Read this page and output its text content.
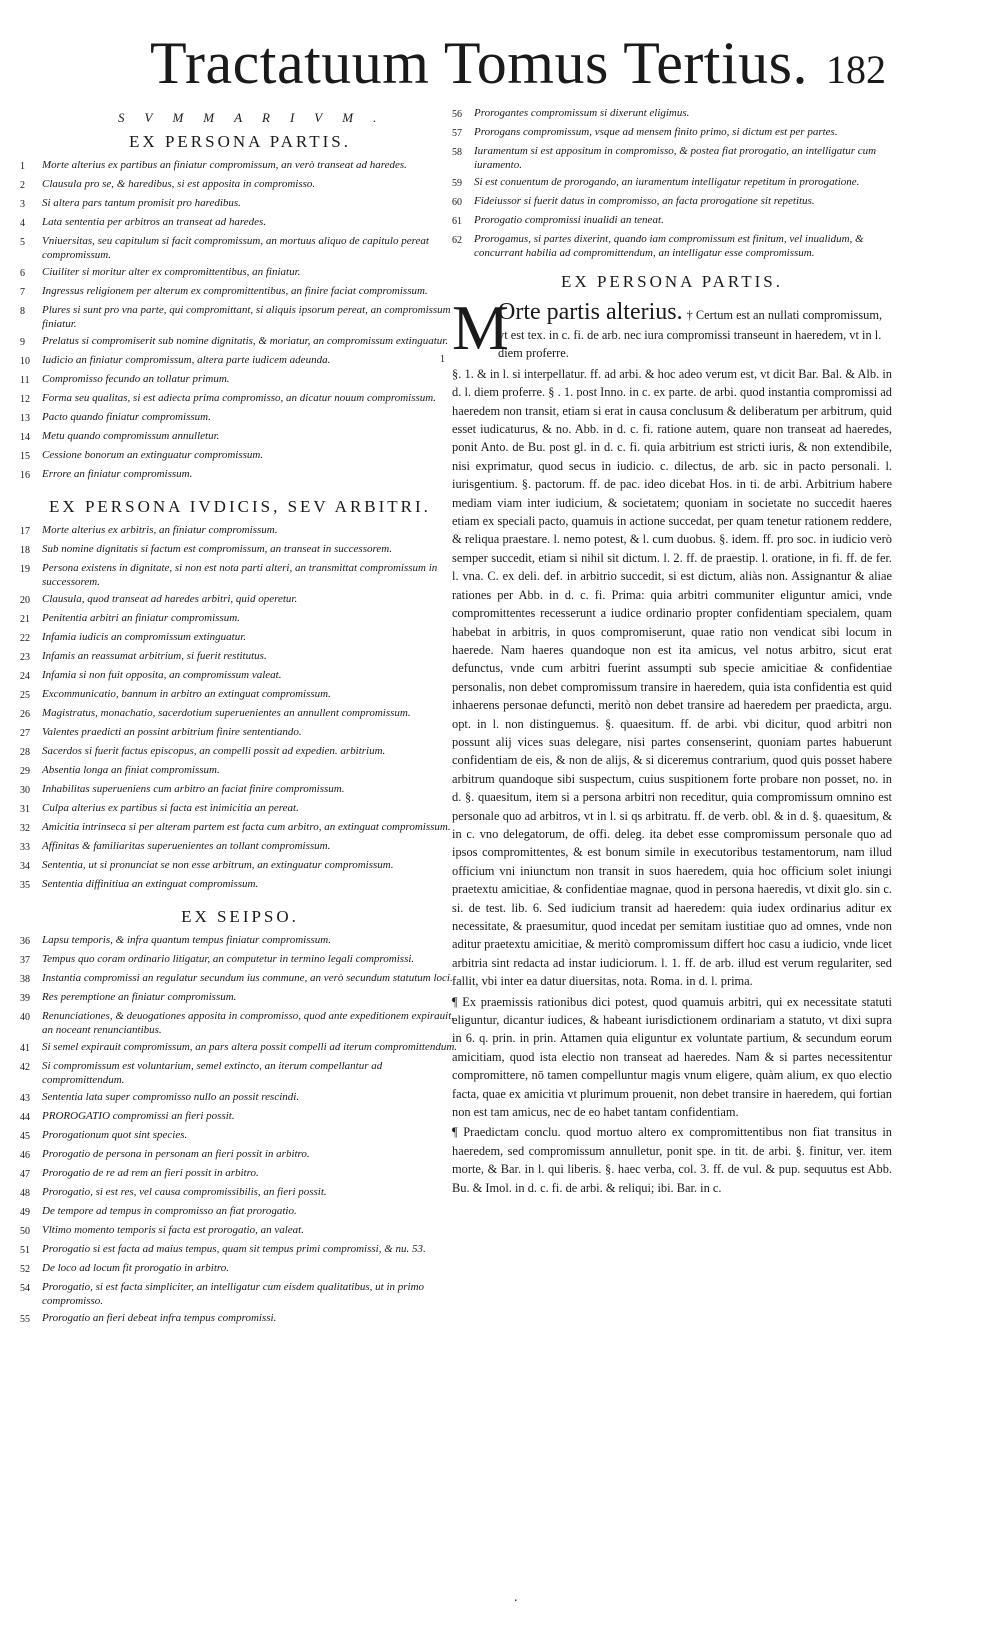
Tractatuum Tomus Tertius. 182
SVMMARIVM.
EX PERSONA PARTIS.
1	Morte alterius ex partibus an finiatur compromissum, an verò transeat ad haredes.
2	Clausula pro se, & haredibus, si est apposita in compromisso.
3	Si altera pars tantum promisit pro haredibus.
4	Lata sententia per arbitros an transeat ad haredes.
5	Vniuersitas, seu capitulum si facit compromissum, an mortuus aliquo de capitulo pereat compromissum.
6	Ciuiliter si moritur alter ex compromittentibus, an finiatur.
7	Ingressus religionem per alterum ex compromittentibus, an finire faciat compromissum.
8	Plures si sunt pro vna parte, qui compromittant, si aliquis ipsorum pereat, an compromissum finiatur.
9	Prelatus si compromiserit sub nomine dignitatis, & moriatur, an compromissum extinguatur.
10	Iudicio an finiatur compromissum, altera parte iudicem adeunda.
11	Compromisso fecundo an tollatur primum.
12	Forma seu qualitas, si est adiecta prima compromisso, an dicatur nouum compromissum.
13	Pacto quando finiatur compromissum.
14	Metu quando compromissum annulletur.
15	Cessione bonorum an extinguatur compromissum.
16	Errore an finiatur compromissum.
EX PERSONA IVDICIS, SEV ARBITRI.
17	Morte alterius ex arbitris, an finiatur compromissum.
18	Sub nomine dignitatis si factum est compromissum, an transeat in successorem.
19	Persona existens in dignitate, si non est nota parti alteri, an transmittat compromissum in successorem.
20	Clausula, quod transeat ad haredes arbitri, quid operetur.
21	Penitentia arbitri an finiatur compromissum.
22	Infamia iudicis an compromissum extinguatur.
23	Infamis an reassumat arbitrium, si fuerit restitutus.
24	Infamia si non fuit opposita, an compromissum valeat.
25	Excommunicatio, bannum in arbitro an extinguat compromissum.
26	Magistratus, monachatio, sacerdotium superuenientes an annullent compromissum.
27	Valentes praedicti an possint arbitrium finire sententiando.
28	Sacerdos si fuerit factus episcopus, an compelli possit ad expedien. arbitrium.
29	Absentia longa an finiat compromissum.
30	Inhabilitas superueniens cum arbitro an faciat finire compromissum.
31	Culpa alterius ex partibus si facta est inimicitia an pereat.
32	Amicitia intrinseca si per alteram partem est facta cum arbitro, an extinguat compromissum.
33	Affinitas & familiaritas superuenientes an tollant compromissum.
34	Sententia, ut si pronunciat se non esse arbitrum, an extinguatur compromissum.
35	Sententia diffinitiua an extinguat compromissum.
EX SEIPSO.
36	Lapsu temporis, & infra quantum tempus finiatur compromissum.
37	Tempus quo coram ordinario litigatur, an computetur in termino legali compromissi.
38	Instantia compromissi an regulatur secundum ius commune, an verò secundum statutum loci.
39	Res peremptione an finiatur compromissum.
40	Renunciationes, & deuogationes apposita in compromisso, quod ante expeditionem expirauit, an noceant renunciantibus.
41	Si semel expirauit compromissum, an pars altera possit compelli ad iterum compromittendum.
42	Si compromissum est voluntarium, semel extincto, an iterum compellantur ad compromittendum.
43	Sententia lata super compromisso nullo an possit rescindi.
44	PROROGATIO compromissi an fieri possit.
45	Prorogationum quot sint species.
46	Prorogatio de persona in personam an fieri possit in arbitro.
47	Prorogatio de re ad rem an fieri possit in arbitro.
48	Prorogatio, si est res, vel causa compromissibilis, an fieri possit.
49	De tempore ad tempus in compromisso an fiat prorogatio.
50	Vltimo momento temporis si facta est prorogatio, an valeat.
51	Prorogatio si est facta ad maius tempus, quam sit tempus primi compromissi, & nu. 53.
52	De loco ad locum fit prorogatio in arbitro.
54	Prorogatio, si est facta simpliciter, an intelligatur cum eisdem qualitatibus, ut in primo compromisso.
55	Prorogatio an fieri debeat infra tempus compromissi.
56	Prorogantes compromissum si dixerunt eligimus.
57	Prorogans compromissum, vsque ad mensem finito primo, si dictum est per partes.
58	Iuramentum si est appositum in compromisso, & postea fiat prorogatio, an intelligatur cum iuramento.
59	Si est conuentum de prorogando, an iuramentum intelligatur repetitum in prorogatione.
60	Fideiussor si fuerit datus in compromisso, an facta prorogatione sit repetitus.
61	Prorogatio compromissi inualidi an teneat.
62	Prorogamus, si partes dixerint, quando iam compromissum est finitum, vel inualidum, & concurrant habilia ad compromittendum, an intelligatur esse compromissum.
EX PERSONA PARTIS.
M
Orte partis alterius. † Certum est an nullati compromissum, vt est tex. in c. fi. de arb. nec iura compromissi transeunt in haeredem, vt in l. diem proferre.
§. 1. & in l. si interpellatur. ff. ad arbi. & hoc adeo verum est, vt dicit Bar. Bal. & Alb. in d. l. diem proferre. § . 1. post Inno. in c. ex parte. de arbi. quod instantia compromissi ad haeredem non transit, etiam si erat in causa conclusum & deliberatum per arbitrum, quid esset iudicaturus, & no. Abb. in d. c. fi. ratione autem, quare non transeat ad haeredes, ponit Anto. de Bu. post gl. in d. c. fi. quia arbitrium est stricti iuris, & non extendibile, nisi exprimatur, quod secus in iudicio. c. dilectus, de arb. sic in pacto personali. l. iurisgentium. §. pactorum. ff. de pac. ideo dicebat Hos. in ti. de arbi. Arbitrium habere mediam viam inter iudicium, & societatem; quoniam in societate no succedit haeres etiam ex speciali pacto, quamuis in actione succedat, per quam tenetur rationem reddere, & reliqua praestare. l. nemo potest, & l. cum duobus. §. idem. ff. pro soc. in iudicio verò semper succedit, etiam si nihil sit dictum. l. 2. ff. de praestip. l. oratione, in fi. ff. de fer. l. vna. C. ex deli. def. in arbitrio succedit, si est dictum, aliàs non. Assignantur & aliae rationes per Abb. in d. c. fi. Prima: quia arbitri communiter eliguntur amici, vnde compromittentes recesserunt a iudice ordinario propter confidentiam specialem, quam habebat in arbitris, in quos compromiserunt, quae ratio non vendicat sibi locum in haerede. Nam haeres quandoque non est ita amicus, vel notus arbitro, sicut erat defunctus, vnde cum arbitri fuerint assumpti sub specie amicitiae & confidentiae personalis, non debet compromissum transire in haeredem, quia ista confidentia est quid inhaerens personae defuncti, meritò non debet transire ad haeredem per praedicta, argu. opt. in l. non distinguemus. §. quaesitum. ff. de arbi. vbi dicitur, quod arbitri non possunt alij vices suas delegare, nisi partes consenserint, quoniam partes habuerunt confidentiam de eis, & non de alijs, & si diceremus contrarium, quod quis posset habere arbitrum quandoque sibi suspectum, cuius suspitionem forte probare non posset, no. in d. §. quaesitum, item si a persona arbitri non receditur, quia compromissum omnino est personale quo ad arbitros, vt in l. si qs arbitratu. ff. de verb. obl. & in d. §. quaesitum, & in c. vno delegatorum, de offi. deleg. ita debet esse compromissum personale quo ad ipsos compromittentes, & est bonum simile in executoribus testamentorum, nam illud officium vni iniunctum non transit in suos haeredem, quia hoc officium solet iniungi praetextu amicitiae, & confidentiae magnae, quod in persona haeredis, vt dixit glo. sin c. si. de test. lib. 6. Sed iudicium transit ad haeredem: quia iudex ordinarius aditur ex necessitate, & praesumitur, quod incedat per semitam iustitiae quo ad omnes, vnde non aditur praetextu amicitiae, & meritò compromissum differt hoc casu a iudicio, vnde licet arbitria sint redacta ad instar iudiciorum. l. 1. ff. de arb. illud est verum regulariter, sed fallit, vbi inter ea datur diuersitas, nota. Roma. in d. l. prima.
¶ Ex praemissis rationibus dici potest, quod quamuis arbitri, qui ex necessitate statuti eliguntur, dicantur iudices, & habeant iurisdictionem ordinariam a statuto, vt dixi supra in 6. q. prin. in prin. Attamen quia eliguntur ex voluntate partium, & secundum eorum amicitiam, quod ista electio non transeat ad haeredes. Nam & si partes necessitentur compromittere, nō tamen compelluntur magis vnum eligere, quàm alium, ex quo electio facta, quae ex amicitia vt plurimum prouenit, non debet transire in haeredem, qui fortian non est tam amicus, nec de eo habet tantam confidentiam.
¶ Praedictam conclu. quod mortuo altero ex compromittentibus non fiat transitus in haeredem, sed compromissum annulletur, ponit spe. in tit. de arbi. §. finitur, ver. item morte, & Bar. in l. qui liberis. §. haec verba, col. 3. ff. de vul. & pup. sequutus est Abb. Bu. & Imol. in d. c. fi. de arbi. & reliqui; ibi. Bar. in c.
1
.
